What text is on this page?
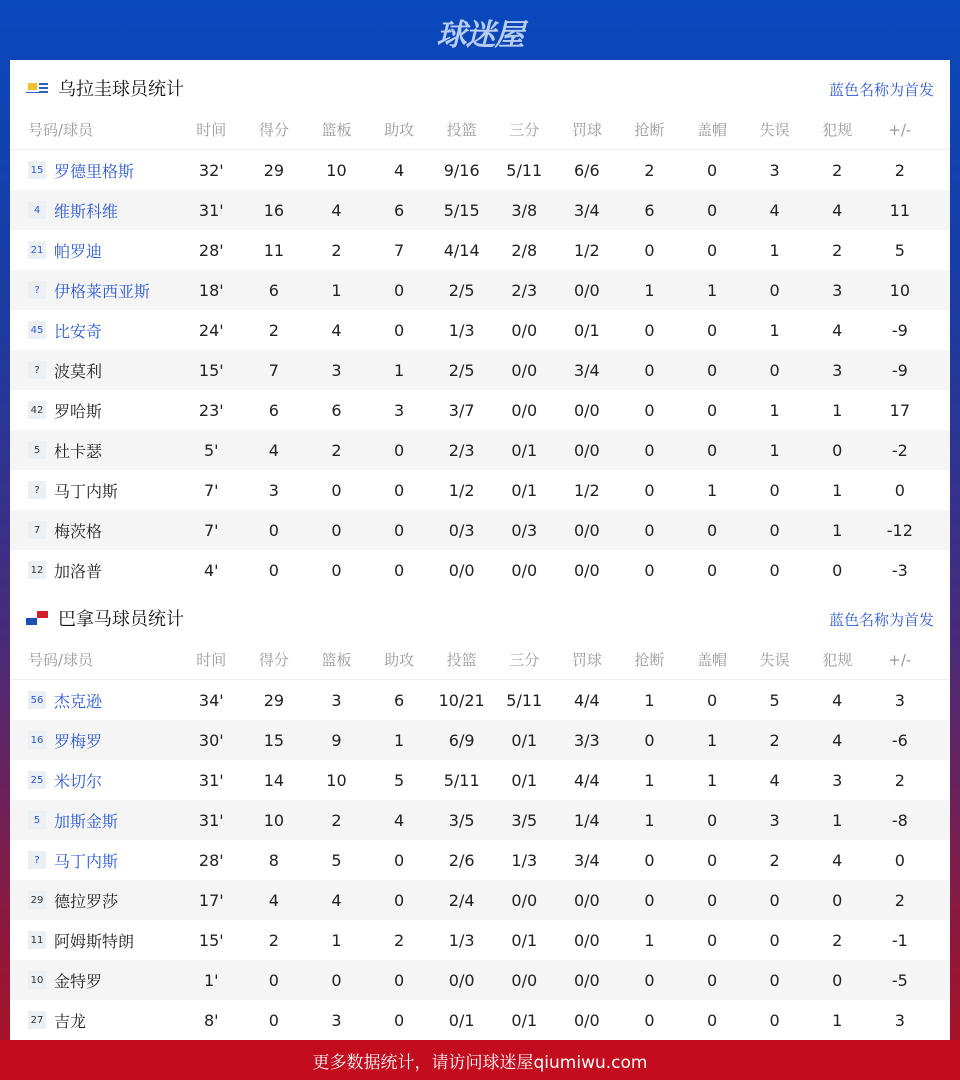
球迷屋
乌拉圭球员统计	蓝色名称为首发
号码/球员	时间	得分	篮板	助攻	投篮	三分	罚球	抢断	盖帽	失误	犯规	+/-
15 罗德里格斯	32'	29	10	4	9/16	5/11	6/6	2	0	3	2	2
4 维斯科维	31'	16	4	6	5/15	3/8	3/4	6	0	4	4	11
21 帕罗迪	28'	11	2	7	4/14	2/8	1/2	0	0	1	2	5
? 伊格莱西亚斯	18'	6	1	0	2/5	2/3	0/0	1	1	0	3	10
45 比安奇	24'	2	4	0	1/3	0/0	0/1	0	0	1	4	-9
? 波莫利	15'	7	3	1	2/5	0/0	3/4	0	0	0	3	-9
42 罗哈斯	23'	6	6	3	3/7	0/0	0/0	0	0	1	1	17
5 杜卡瑟	5'	4	2	0	2/3	0/1	0/0	0	0	1	0	-2
? 马丁内斯	7'	3	0	0	1/2	0/1	1/2	0	1	0	1	0
7 梅茨格	7'	0	0	0	0/3	0/3	0/0	0	0	0	1	-12
12 加洛普	4'	0	0	0	0/0	0/0	0/0	0	0	0	0	-3
巴拿马球员统计	蓝色名称为首发
号码/球员	时间	得分	篮板	助攻	投篮	三分	罚球	抢断	盖帽	失误	犯规	+/-
56 杰克逊	34'	29	3	6	10/21	5/11	4/4	1	0	5	4	3
16 罗梅罗	30'	15	9	1	6/9	0/1	3/3	0	1	2	4	-6
25 米切尔	31'	14	10	5	5/11	0/1	4/4	1	1	4	3	2
5 加斯金斯	31'	10	2	4	3/5	3/5	1/4	1	0	3	1	-8
? 马丁内斯	28'	8	5	0	2/6	1/3	3/4	0	0	2	4	0
29 德拉罗莎	17'	4	4	0	2/4	0/0	0/0	0	0	0	0	2
11 阿姆斯特朗	15'	2	1	2	1/3	0/1	0/0	1	0	0	2	-1
10 金特罗	1'	0	0	0	0/0	0/0	0/0	0	0	0	0	-5
27 吉龙	8'	0	3	0	0/1	0/1	0/0	0	0	0	1	3
更多数据统计，请访问球迷屋qiumiwu.com
